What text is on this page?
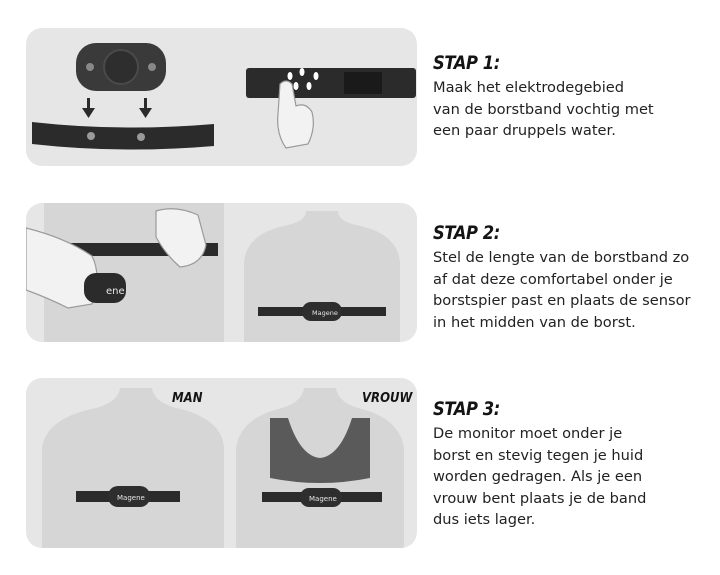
ene
Magene
Magene	Magene
MAN	VROUW
STAP 1:
Maak het elektrodegebied
van de borstband vochtig met
een paar druppels water.
STAP 2:
Stel de lengte van de borstband zo
af dat deze comfortabel onder je
borstspier past en plaats de sensor
in het midden van de borst.
STAP 3:
De monitor moet onder je
borst en stevig tegen je huid
worden gedragen. Als je een
vrouw bent plaats je de band
dus iets lager.
